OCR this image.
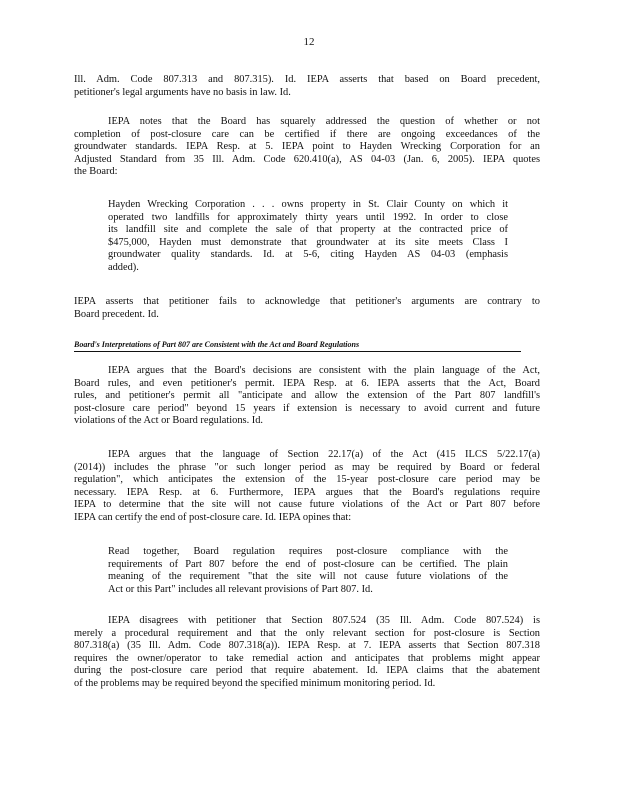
12
Ill. Adm. Code 807.313 and 807.315). Id. IEPA asserts that based on Board precedent,
petitioner's legal arguments have no basis in law. Id.
IEPA notes that the Board has squarely addressed the question of whether or not
completion of post-closure care can be certified if there are ongoing exceedances of the
groundwater standards. IEPA Resp. at 5. IEPA point to Hayden Wrecking Corporation for an
Adjusted Standard from 35 Ill. Adm. Code 620.410(a), AS 04-03 (Jan. 6, 2005). IEPA quotes
the Board:
Hayden Wrecking Corporation . . . owns property in St. Clair County on which it
operated two landfills for approximately thirty years until 1992. In order to close
its landfill site and complete the sale of that property at the contracted price of
$475,000, Hayden must demonstrate that groundwater at its site meets Class I
groundwater quality standards. Id. at 5-6, citing Hayden AS 04-03 (emphasis
added).
IEPA asserts that petitioner fails to acknowledge that petitioner's arguments are contrary to
Board precedent. Id.
Board's Interpretations of Part 807 are Consistent with the Act and Board Regulations
IEPA argues that the Board's decisions are consistent with the plain language of the Act,
Board rules, and even petitioner's permit. IEPA Resp. at 6. IEPA asserts that the Act, Board
rules, and petitioner's permit all "anticipate and allow the extension of the Part 807 landfill's
post-closure care period" beyond 15 years if extension is necessary to avoid current and future
violations of the Act or Board regulations. Id.
IEPA argues that the language of Section 22.17(a) of the Act (415 ILCS 5/22.17(a)
(2014)) includes the phrase "or such longer period as may be required by Board or federal
regulation", which anticipates the extension of the 15-year post-closure care period may be
necessary. IEPA Resp. at 6. Furthermore, IEPA argues that the Board's regulations require
IEPA to determine that the site will not cause future violations of the Act or Part 807 before
IEPA can certify the end of post-closure care. Id. IEPA opines that:
Read together, Board regulation requires post-closure compliance with the
requirements of Part 807 before the end of post-closure can be certified. The plain
meaning of the requirement "that the site will not cause future violations of the
Act or this Part" includes all relevant provisions of Part 807. Id.
IEPA disagrees with petitioner that Section 807.524 (35 Ill. Adm. Code 807.524) is
merely a procedural requirement and that the only relevant section for post-closure is Section
807.318(a) (35 Ill. Adm. Code 807.318(a)). IEPA Resp. at 7. IEPA asserts that Section 807.318
requires the owner/operator to take remedial action and anticipates that problems might appear
during the post-closure care period that require abatement. Id. IEPA claims that the abatement
of the problems may be required beyond the specified minimum monitoring period. Id.
